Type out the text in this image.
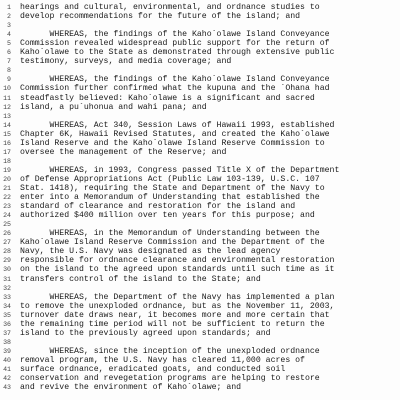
1 hearings and cultural, environmental, and ordnance studies to
2 develop recommendations for the future of the island; and
3
4 WHEREAS, the findings of the Kaho`olawe Island Conveyance
5 Commission revealed widespread public support for the return of
6 Kaho`olawe to the State as demonstrated through extensive public
7 testimony, surveys, and media coverage; and
8
9 WHEREAS, the findings of the Kaho`olawe Island Conveyance
10 Commission further confirmed what the kupuna and the `Ohana had
11 steadfastly believed: Kaho`olawe is a significant and sacred
12 island, a pu`uhonua and wahi pana; and
13
14 WHEREAS, Act 340, Session Laws of Hawaii 1993, established
15 Chapter 6K, Hawaii Revised Statutes, and created the Kaho`olawe
16 Island Reserve and the Kaho`olawe Island Reserve Commission to
17 oversee the management of the Reserve; and
18
19 WHEREAS, in 1993, Congress passed Title X of the Department
20 of Defense Appropriations Act (Public Law 103-139, U.S.C. 107
21 Stat. 1418), requiring the State and Department of the Navy to
22 enter into a Memorandum of Understanding that established the
23 standard of clearance and restoration for the island and
24 authorized $400 million over ten years for this purpose; and
25
26 WHEREAS, in the Memorandum of Understanding between the
27 Kaho`olawe Island Reserve Commission and the Department of the
28 Navy, the U.S. Navy was designated as the lead agency
29 responsible for ordnance clearance and environmental restoration
30 on the island to the agreed upon standards until such time as it
31 transfers control of the island to the State; and
32
33 WHEREAS, the Department of the Navy has implemented a plan
34 to remove the unexploded ordnance, but as the November 11, 2003,
35 turnover date draws near, it becomes more and more certain that
36 the remaining time period will not be sufficient to return the
37 island to the previously agreed upon standards; and
38
39 WHEREAS, since the inception of the unexploded ordnance
40 removal program, the U.S. Navy has cleared 11,000 acres of
41 surface ordnance, eradicated goats, and conducted soil
42 conservation and revegetation programs are helping to restore
43 and revive the environment of Kaho`olawe; and
